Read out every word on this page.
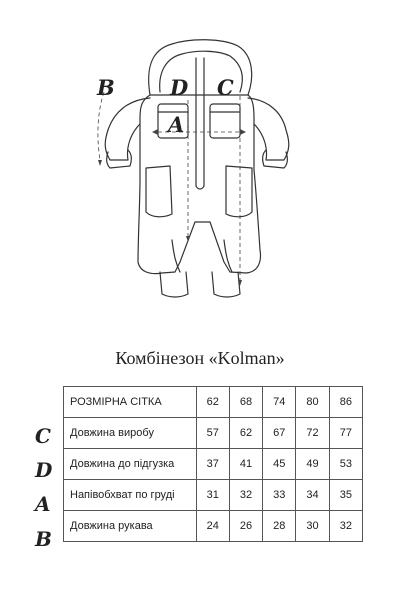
B	D C
A
Комбінезон «Kolman»
C
D
A
B
РОЗМІРНА СІТКА	62	68	74	80	86
Довжина виробу	57	62	67	72	77
Довжина до підгузка	37	41	45	49	53
Напівобхват по груді	31	32	33	34	35
Довжина рукава	24	26	28	30	32
